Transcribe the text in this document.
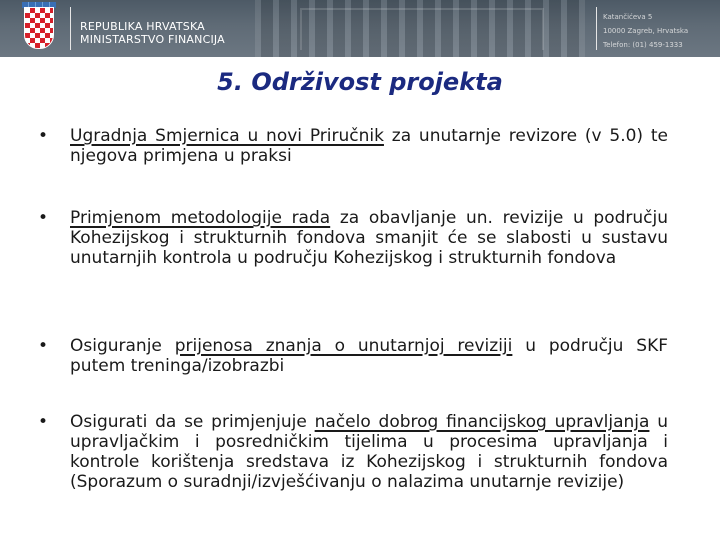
REPUBLIKA HRVATSKA
MINISTARSTVO FINANCIJA
Katančićeva 5
10000 Zagreb, Hrvatska
Telefon: (01) 459-1333
5. Održivost projekta
• Ugradnja Smjernica u novi Priručnik za unutarnje revizore (v 5.0) te njegova primjena u praksi
• Primjenom metodologije rada za obavljanje un. revizije u području Kohezijskog i strukturnih fondova smanjit će se slabosti u sustavu unutarnjih kontrola u području Kohezijskog i strukturnih fondova
• Osiguranje prijenosa znanja o unutarnjoj reviziji u području SKF putem treninga/izobrazbi
• Osigurati da se primjenjuje načelo dobrog financijskog upravljanja u upravljačkim i posredničkim tijelima u procesima upravljanja i kontrole korištenja sredstava iz Kohezijskog i strukturnih fondova (Sporazum o suradnji/izvješćivanju o nalazima unutarnje revizije)
